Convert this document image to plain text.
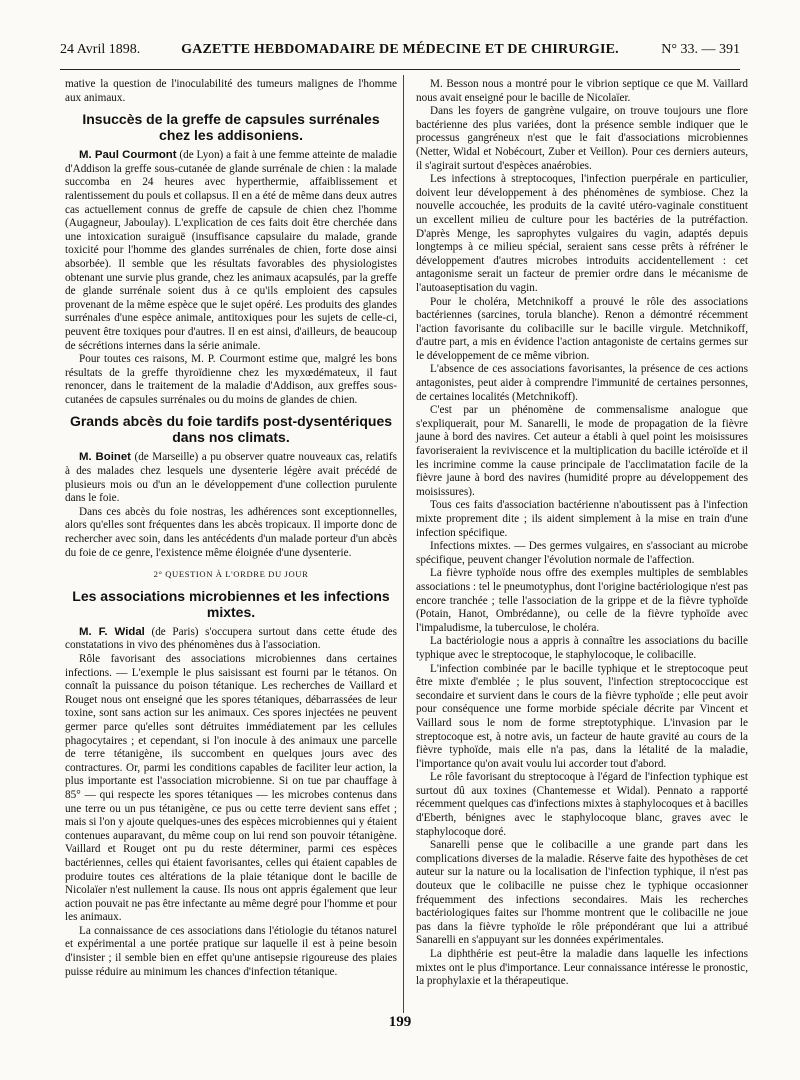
24 Avril 1898.	GAZETTE HEBDOMADAIRE DE MÉDECINE ET DE CHIRURGIE.	N° 33. — 391

mative la question de l'inoculabilité des tumeurs malignes de l'homme aux animaux.

Insuccès de la greffe de capsules surrénales chez les addisoniens.

M. Paul Courmont (de Lyon) a fait à une femme atteinte de maladie d'Addison la greffe sous-cutanée de glande surrénale de chien : la malade succomba en 24 heures avec hyperthermie, affaiblissement et ralentissement du pouls et collapsus. Il en a été de même dans deux autres cas actuellement connus de greffe de capsule de chien chez l'homme (Augagneur, Jaboulay). L'explication de ces faits doit être cherchée dans une intoxication suraiguë (insuffisance capsulaire du malade, grande toxicité pour l'homme des glandes surrénales de chien, forte dose ainsi absorbée). Il semble que les résultats favorables des physiologistes obtenant une survie plus grande, chez les animaux acapsulés, par la greffe de glande surrénale soient dus à ce qu'ils emploient des capsules provenant de la même espèce que le sujet opéré. Les produits des glandes surrénales d'une espèce animale, antitoxiques pour les sujets de celle-ci, peuvent être toxiques pour d'autres. Il en est ainsi, d'ailleurs, de beaucoup de sécrétions internes dans la série animale.

Pour toutes ces raisons, M. P. Courmont estime que, malgré les bons résultats de la greffe thyroïdienne chez les myxœdémateux, il faut renoncer, dans le traitement de la maladie d'Addison, aux greffes sous-cutanées de capsules surrénales ou du moins de glandes de chien.

Grands abcès du foie tardifs post-dysentériques dans nos climats.

M. Boinet (de Marseille) a pu observer quatre nouveaux cas, relatifs à des malades chez lesquels une dysenterie légère avait précédé de plusieurs mois ou d'un an le développement d'une collection purulente dans le foie.

Dans ces abcès du foie nostras, les adhérences sont exceptionnelles, alors qu'elles sont fréquentes dans les abcès tropicaux. Il importe donc de rechercher avec soin, dans les antécédents d'un malade porteur d'un abcès du foie de ce genre, l'existence même éloignée d'une dysenterie.

2° QUESTION À L'ORDRE DU JOUR
Les associations microbiennes et les infections mixtes.

M. F. Widal (de Paris) s'occupera surtout dans cette étude des constatations in vivo des phénomènes dus à l'association.

Rôle favorisant des associations microbiennes dans certaines infections. — L'exemple le plus saisissant est fourni par le tétanos. On connaît la puissance du poison tétanique. Les recherches de Vaillard et Rouget nous ont enseigné que les spores tétaniques, débarrassées de leur toxine, sont sans action sur les animaux. Ces spores injectées ne peuvent germer parce qu'elles sont détruites immédiatement par les cellules phagocytaires ; et cependant, si l'on inocule à des animaux une parcelle de terre tétanigène, ils succombent en quelques jours avec des contractures. Or, parmi les conditions capables de faciliter leur action, la plus importante est l'association microbienne. Si on tue par chauffage à 85° — qui respecte les spores tétaniques — les microbes contenus dans une terre ou un pus tétanigène, ce pus ou cette terre devient sans effet ; mais si l'on y ajoute quelques-unes des espèces microbiennes qui y étaient contenues auparavant, du même coup on lui rend son pouvoir tétanigène. Vaillard et Rouget ont pu du reste déterminer, parmi ces espèces bactériennes, celles qui étaient favorisantes, celles qui étaient capables de produire toutes ces altérations de la plaie tétanique dont le bacille de Nicolaïer n'est nullement la cause. Ils nous ont appris également que leur action pouvait ne pas être infectante au même degré pour l'homme et pour les animaux.

La connaissance de ces associations dans l'étiologie du tétanos naturel et expérimental a une portée pratique sur laquelle il est à peine besoin d'insister ; il semble bien en effet qu'une antisepsie rigoureuse des plaies puisse réduire au minimum les chances d'infection tétanique.

M. Besson nous a montré pour le vibrion septique ce que M. Vaillard nous avait enseigné pour le bacille de Nicolaïer.

Dans les foyers de gangrène vulgaire, on trouve toujours une flore bactérienne des plus variées, dont la présence semble indiquer que le processus gangréneux n'est que le fait d'associations microbiennes (Netter, Widal et Nobécourt, Zuber et Veillon). Pour ces derniers auteurs, il s'agirait surtout d'espèces anaérobies.

Les infections à streptocoques, l'infection puerpérale en particulier, doivent leur développement à des phénomènes de symbiose. Chez la nouvelle accouchée, les produits de la cavité utéro-vaginale constituent un excellent milieu de culture pour les bactéries de la putréfaction. D'après Menge, les saprophytes vulgaires du vagin, adaptés depuis longtemps à ce milieu spécial, seraient sans cesse prêts à réfréner le développement d'autres microbes introduits accidentellement : cet antagonisme serait un facteur de premier ordre dans le mécanisme de l'autoaseptisation du vagin.

Pour le choléra, Metchnikoff a prouvé le rôle des associations bactériennes (sarcines, torula blanche). Renon a démontré récemment l'action favorisante du colibacille sur le bacille virgule. Metchnikoff, d'autre part, a mis en évidence l'action antagoniste de certains germes sur le développement de ce même vibrion.

L'absence de ces associations favorisantes, la présence de ces actions antagonistes, peut aider à comprendre l'immunité de certaines personnes, de certaines localités (Metchnikoff).

C'est par un phénomène de commensalisme analogue que s'expliquerait, pour M. Sanarelli, le mode de propagation de la fièvre jaune à bord des navires. Cet auteur a établi à quel point les moisissures favoriseraient la reviviscence et la multiplication du bacille ictéroïde et il les incrimine comme la cause principale de l'acclimatation facile de la fièvre jaune à bord des navires (humidité propre au développement des moisissures).

Tous ces faits d'association bactérienne n'aboutissent pas à l'infection mixte proprement dite ; ils aident simplement à la mise en train d'une infection spécifique.

Infections mixtes. — Des germes vulgaires, en s'associant au microbe spécifique, peuvent changer l'évolution normale de l'affection.

La fièvre typhoïde nous offre des exemples multiples de semblables associations : tel le pneumotyphus, dont l'origine bactériologique n'est pas encore tranchée ; telle l'association de la grippe et de la fièvre typhoïde (Potain, Hanot, Ombrédanne), ou celle de la fièvre typhoïde avec l'impaludisme, la tuberculose, le choléra.

La bactériologie nous a appris à connaître les associations du bacille typhique avec le streptocoque, le staphylocoque, le colibacille.

L'infection combinée par le bacille typhique et le streptocoque peut être mixte d'emblée ; le plus souvent, l'infection streptococcique est secondaire et survient dans le cours de la fièvre typhoïde ; elle peut avoir pour conséquence une forme morbide spéciale décrite par Vincent et Vaillard sous le nom de forme streptotyphique. L'invasion par le streptocoque est, à notre avis, un facteur de haute gravité au cours de la fièvre typhoïde, mais elle n'a pas, dans la létalité de la maladie, l'importance qu'on avait voulu lui accorder tout d'abord.

Le rôle favorisant du streptocoque à l'égard de l'infection typhique est surtout dû aux toxines (Chantemesse et Widal). Pennato a rapporté récemment quelques cas d'infections mixtes à staphylocoques et à bacilles d'Eberth, bénignes avec le staphylocoque blanc, graves avec le staphylocoque doré.

Sanarelli pense que le colibacille a une grande part dans les complications diverses de la maladie. Réserve faite des hypothèses de cet auteur sur la nature ou la localisation de l'infection typhique, il n'est pas douteux que le colibacille ne puisse chez le typhique occasionner fréquemment des infections secondaires. Mais les recherches bactériologiques faites sur l'homme montrent que le colibacille ne joue pas dans la fièvre typhoïde le rôle prépondérant que lui a attribué Sanarelli en s'appuyant sur les données expérimentales.

La diphthérie est peut-être la maladie dans laquelle les infections mixtes ont le plus d'importance. Leur connaissance intéresse le pronostic, la prophylaxie et la thérapeutique.

199
